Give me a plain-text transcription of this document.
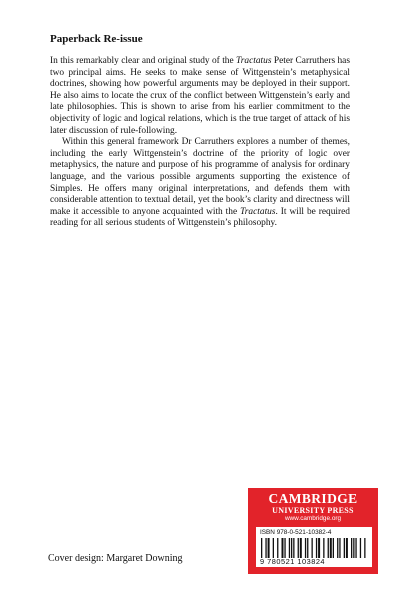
Paperback Re-issue

In this remarkably clear and original study of the Tractatus Peter Carruthers has two principal aims. He seeks to make sense of Wittgenstein’s metaphysical doctrines, showing how powerful arguments may be deployed in their support. He also aims to locate the crux of the conflict between Wittgenstein’s early and late philosophies. This is shown to arise from his earlier commitment to the objectivity of logic and logical relations, which is the true target of attack of his later discussion of rule-following.

Within this general framework Dr Carruthers explores a number of themes, including the early Wittgenstein’s doctrine of the priority of logic over metaphysics, the nature and purpose of his programme of analysis for ordinary language, and the various possible arguments supporting the existence of Simples. He offers many original interpretations, and defends them with considerable attention to textual detail, yet the book’s clarity and directness will make it accessible to anyone acquainted with the Tractatus. It will be required reading for all serious students of Wittgenstein’s philosophy.

CAMBRIDGE
UNIVERSITY PRESS
www.cambridge.org
ISBN 978-0-521-10382-4
9 780521 103824

Cover design: Margaret Downing
